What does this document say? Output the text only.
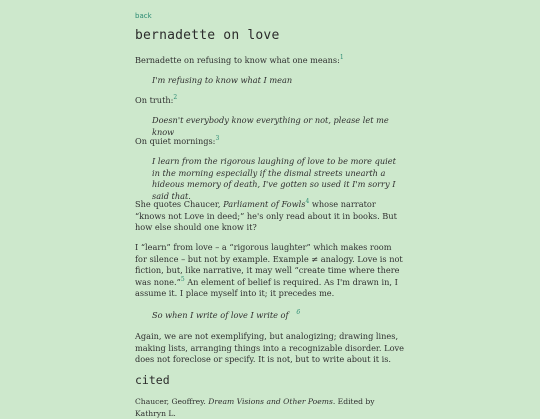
back
bernadette on love

Bernadette on refusing to know what one means:$^1$

I'm refusing to know what I mean

On truth:$^2$

Doesn't everybody know everything or not, please let me know

On quiet mornings:$^3$

I learn from the rigorous laughing of love to be more quiet in the morning especially if the dismal streets unearth a hideous memory of death, I've gotten so used it I'm sorry I said that.

She quotes Chaucer, Parliament of Fowls$^4$ whose narrator “knows not Love in deed;” he's only read about it in books. But how else should one know it?

I “learn” from love – a “rigorous laughter” which makes room for silence – but not by example. Example ≠ analogy. Love is not fiction, but, like narrative, it may well “create time where there was none.”$^5$ An element of belief is required. As I'm drawn in, I assume it. I place myself into it; it precedes me.

So when I write of love I write of $^6$

Again, we are not exemplifying, but analogizing; drawing lines, making lists, arranging things into a recognizable disorder. Love does not foreclose or specify. It is not, but to write about it is.

cited

Chaucer, Geoffrey. Dream Visions and Other Poems. Edited by Kathryn L.
